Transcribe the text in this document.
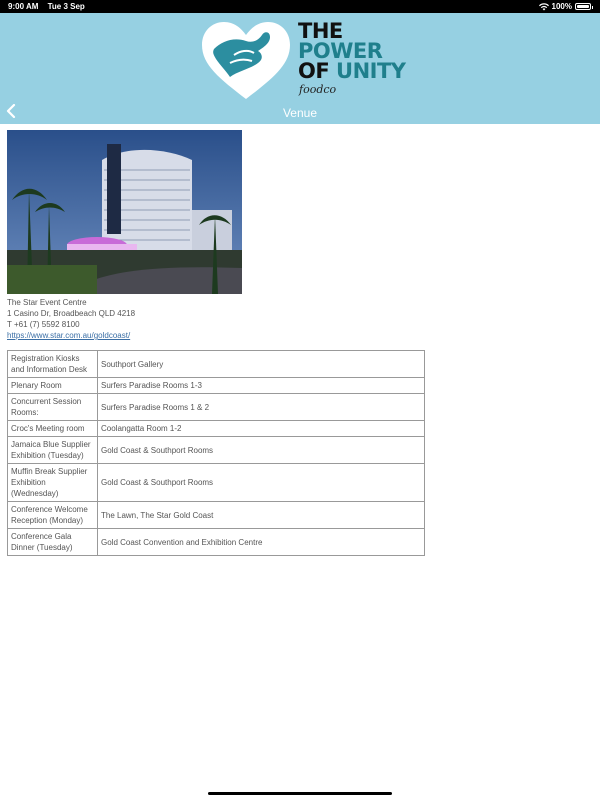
9:00 AM Tue 3 Sep	100%
THE
POWER
OF UNITY
foodco
Venue
The Star Event Centre
1 Casino Dr, Broadbeach QLD 4218
T +61 (7) 5592 8100
https://www.star.com.au/goldcoast/
Registration Kiosks and Information Desk	Southport Gallery
Plenary Room	Surfers Paradise Rooms 1-3
Concurrent Session Rooms:	Surfers Paradise Rooms 1 & 2
Croc's Meeting room	Coolangatta Room 1-2
Jamaica Blue Supplier Exhibition (Tuesday)	Gold Coast & Southport Rooms
Muffin Break Supplier Exhibition (Wednesday)	Gold Coast & Southport Rooms
Conference Welcome Reception (Monday)	The Lawn, The Star Gold Coast
Conference Gala Dinner (Tuesday)	Gold Coast Convention and Exhibition Centre
